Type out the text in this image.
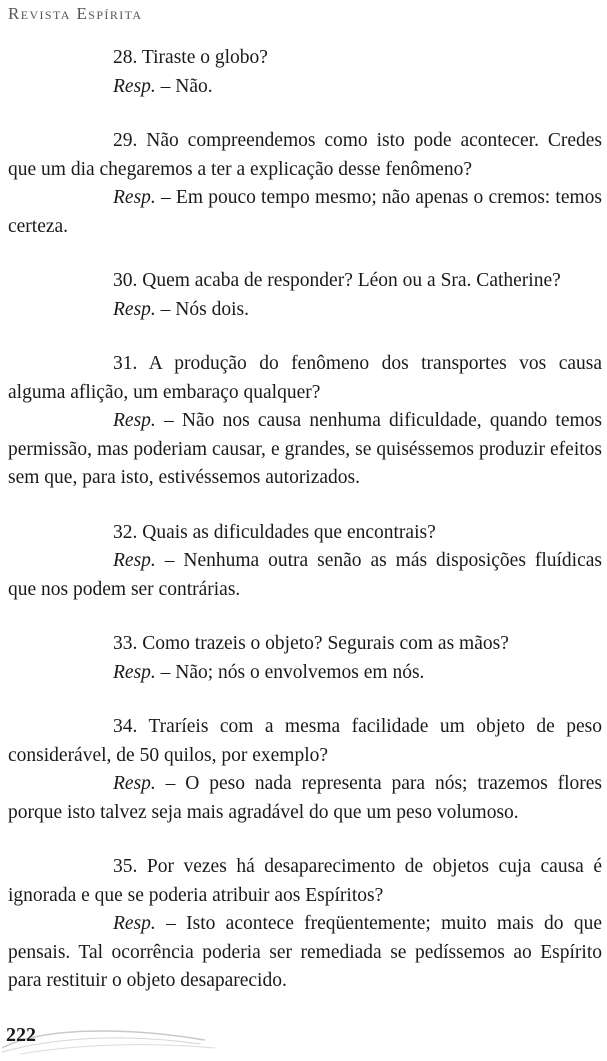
Revista Espírita

28. Tiraste o globo?

Resp. – Não.

29. Não compreendemos como isto pode acontecer. Credes que um dia chegaremos a ter a explicação desse fenômeno?

Resp. – Em pouco tempo mesmo; não apenas o cremos: temos certeza.

30. Quem acaba de responder? Léon ou a Sra. Catherine?

Resp. – Nós dois.

31. A produção do fenômeno dos transportes vos causa alguma aflição, um embaraço qualquer?

Resp. – Não nos causa nenhuma dificuldade, quando temos permissão, mas poderiam causar, e grandes, se quiséssemos produzir efeitos sem que, para isto, estivéssemos autorizados.

32. Quais as dificuldades que encontrais?

Resp. – Nenhuma outra senão as más disposições fluídicas que nos podem ser contrárias.

33. Como trazeis o objeto? Segurais com as mãos?

Resp. – Não; nós o envolvemos em nós.

34. Traríeis com a mesma facilidade um objeto de peso considerável, de 50 quilos, por exemplo?

Resp. – O peso nada representa para nós; trazemos flores porque isto talvez seja mais agradável do que um peso volumoso.

35. Por vezes há desaparecimento de objetos cuja causa é ignorada e que se poderia atribuir aos Espíritos?

Resp. – Isto acontece freqüentemente; muito mais do que pensais. Tal ocorrência poderia ser remediada se pedíssemos ao Espírito para restituir o objeto desaparecido.

222
